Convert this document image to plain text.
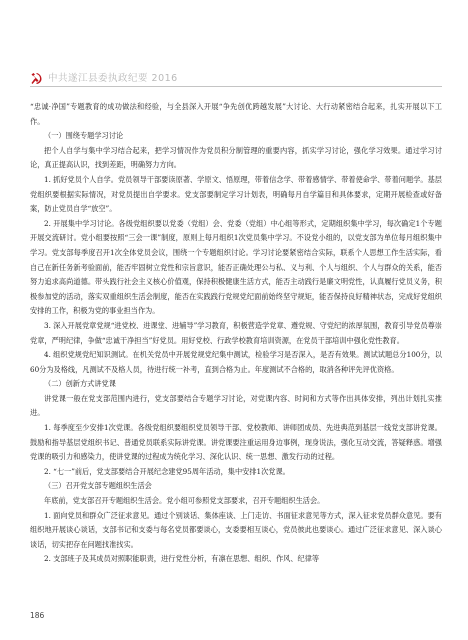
中共遂江县委执政纪要 2016

“忠诚·净国”专题教育的成功做法和经验，与全县深入开展“争先创优跨越发展”大讨论、大行动紧密结合起来，扎实开展以下工作。

（一）围绕专题学习讨论

把个人自学与集中学习结合起来，把学习情况作为党员积分制管理的重要内容，抓实学习讨论，强化学习效果。通过学习讨论，真正提高认识，找到差距，明确努力方向。

1. 抓好党员个人自学。党员领导干部要读原著、学原文、悟原理，带着信念学、带着感情学、带着使命学、带着问题学。基层党组织要根据实际情况，对党员提出自学要求。党支部要制定学习计划表，明确每月自学篇目和具体要求，定期开展检查或好备案，防止党员自学“放空”。

2. 开展集中学习讨论。各级党组织要以党委（党组）会、党委（党组）中心组等形式，定期组织集中学习，每次确定1个专题开展交流研讨。党小组要按照“三会一课”制度，原则上每月组织1次党员集中学习。不设党小组的，以党支部为单位每月组织集中学习。党支部每季度召开1次全体党员会议，围绕一个专题组织讨论。学习讨论要紧密结合实际，联系个人思想工作生活实际，看自己在新任务新考验面前，能否牢固树立党性和宗旨意识，能否正确处理公与私、义与利、个人与组织、个人与群众的关系，能否努力追求高尚道德。带头践行社会主义核心价值观，保持积极健康生活方式，能否主动践行是廉文明党性，认真履行党员义务，积极参加党的活动，落实双重组织生活会制度，能否在实践践行党规党纪面前始终坚守规矩，能否保持良好精神状态，完成好党组织安排的工作，积极为党的事业担当作为。

3. 深入开展党章党规“进党校、进课堂、进辅导”学习教育，积极营造学党章、遵党规、守党纪的浓厚氛围，教育引导党员尊崇党章，严明纪律，争做“忠诚干净担当”好党员。用好党校、行政学校教育培训资源，在党员干部培训中强化党性教育。

4. 组织党规党纪知识测试。在机关党员中开展党规党纪集中测试，检验学习是否深入，是否有效果。测试试题总分100分，以60分为及格线，凡测试不及格人员，待进行统一补考，直到合格为止。年度测试不合格的，取消各种评先评优资格。

（二）创新方式讲党课

讲党课一般在党支部范围内进行，党支部要结合专题学习讨论，对党课内容、时间和方式等作出具体安排，列出计划扎实推进。

1. 每季度至少安排1次党课。各级党组织要组织党员领导干部、党校教师、讲师团成员、先进典范到基层一线党支部讲党课。鼓励和指导基层党组织书记、普通党员联系实际讲党课。讲党课要注重运用身边事例，现身说法，强化互动交流，答疑释惑。增强党课的吸引力和感染力，使讲党课的过程成为统化学习、深化认识、统一思想、激发行动的过程。

2. “七一”前后，党支部要结合开展纪念建党95周年活动，集中安排1次党课。

（三）召开党支部专题组织生活会

年底前，党支部召开专题组织生活会。党小组可参照党支部要求，召开专题组织生活会。

1. 面向党员和群众广泛征求意见。通过个别谈话、集体座谈、上门走访、书面征求意见等方式，深入征求党员群众意见。要有组织地开展谈心谈话，支部书记和支委与每名党员都要谈心，支委要相互谈心，党员彼此也要谈心。通过广泛征求意见、深入谈心谈话，切实把存在问题找准找实。

2. 支部班子及其成员对照职能职责，进行党性分析，有凛在思想、组织、作风、纪律等

186
